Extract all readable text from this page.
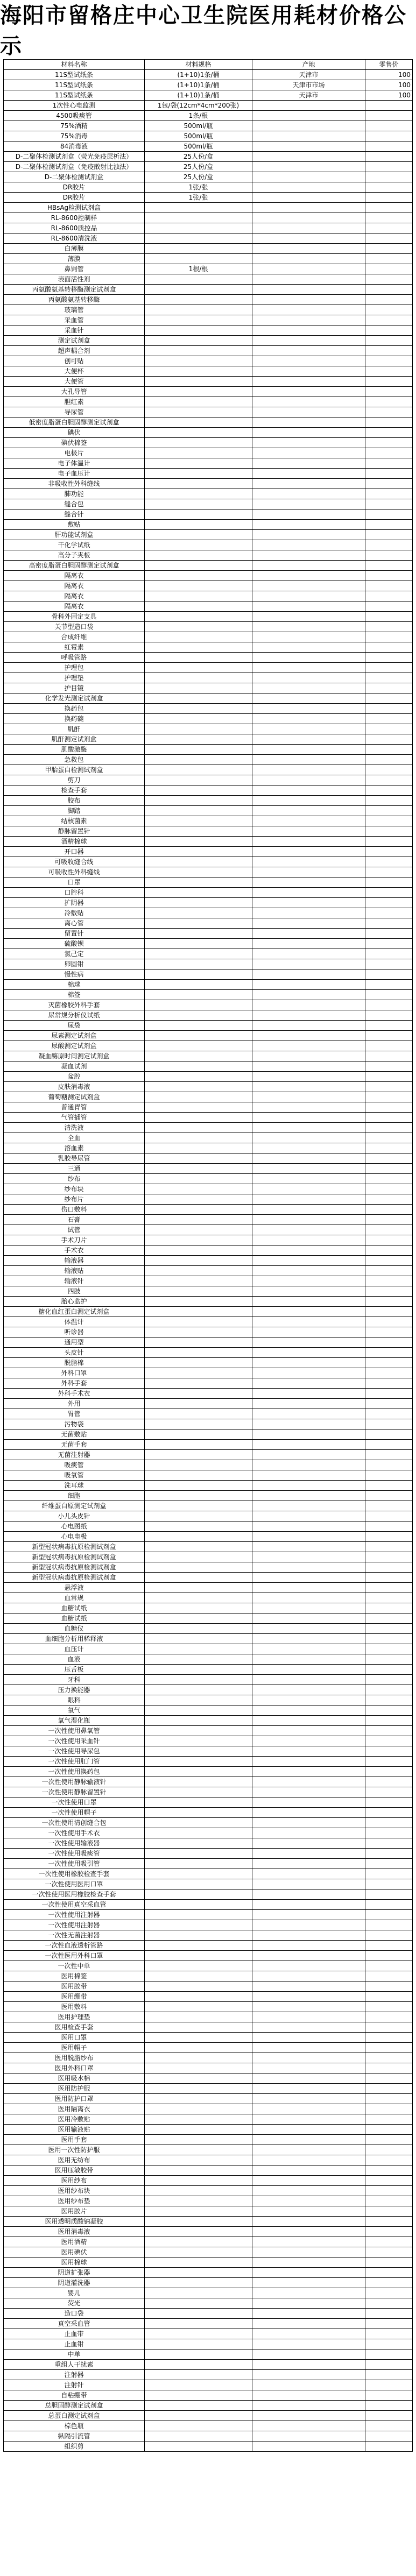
海阳市留格庄中心卫生院医用耗材价格公示
材料名称	材料规格	产地	零售价
11S型试纸条	(1+10)1条/桶	天津市	100
11S型试纸条	(1+10)1条/桶	天津市市场	100
11S型试纸条	(1+10)1条/桶	天津市	100
1次性心电监测	1包/袋(12cm*4cm*200张)		
4500吸痰管	1条/根		
75%酒精	500ml/瓶		
75%消毒	500ml/瓶		
84消毒液	500ml/瓶		
D-二聚体检测试剂盒（荧光免疫层析法）	25人份/盒		
D-二聚体检测试剂盒（免疫散射比浊法）	25人份/盒		
D-二聚体检测试剂盒	25人份/盒		
DR胶片	1张/张		
DR胶片	1张/张		
HBsAg检测试剂盒			
RL-8600控制样			
RL-8600质控品			
RL-8600清洗液			
白薄膜			
薄膜			
鼻饲管	1根/根		
表面活性剂			
丙氨酸氨基转移酶测定试剂盒			
丙氨酸氨基转移酶			
玻璃管			
采血管			
采血针			
测定试剂盒			
超声耦合剂			
创可贴			
大便杯			
大便管			
大孔导管			
胆红素			
导尿管			
低密度脂蛋白胆固醇测定试剂盒			
碘伏			
碘伏棉签			
电极片			
电子体温计			
电子血压计			
非吸收性外科缝线			
肺功能			
缝合包			
缝合针			
敷贴			
肝功能试剂盒			
干化学试纸			
高分子夹板			
高密度脂蛋白胆固醇测定试剂盒			
隔离衣			
隔离衣			
隔离衣			
隔离衣			
骨科外固定支具			
关节型造口袋			
合成纤维			
红霉素			
呼吸管路			
护理包			
护理垫			
护目镜			
化学发光测定试剂盒			
换药包			
换药碗			
肌酐			
肌酐测定试剂盒			
肌酸激酶			
急救包			
甲胎蛋白检测试剂盒			
剪刀			
检查手套			
胶布			
脚踏			
结核菌素			
静脉留置针			
酒精棉球			
开口器			
可吸收缝合线			
可吸收性外科缝线			
口罩			
口腔科			
扩阴器			
冷敷贴			
离心管			
留置针			
硫酸钡			
氯己定			
卵圆钳			
慢性病			
棉球			
棉签			
灭菌橡胶外科手套			
尿常规分析仪试纸			
尿袋			
尿素测定试剂盒			
尿酸测定试剂盒			
凝血酶原时间测定试剂盒			
凝血试剂			
盆腔			
皮肤消毒液			
葡萄糖测定试剂盒			
普通胃管			
气管插管			
清洗液			
全血			
溶血素			
乳胶导尿管			
三通			
纱布			
纱布块			
纱布片			
伤口敷料			
石膏			
试管			
手术刀片			
手术衣			
输液器			
输液贴			
输液针			
四肢			
胎心监护			
糖化血红蛋白测定试剂盒			
体温计			
听诊器			
通用型			
头皮针			
脱脂棉			
外科口罩			
外科手套			
外科手术衣			
外用			
胃管			
污物袋			
无菌敷贴			
无菌手套			
无菌注射器			
吸痰管			
吸氧管			
洗耳球			
细胞			
纤维蛋白原测定试剂盒			
小儿头皮针			
心电图纸			
心电电极			
新型冠状病毒抗原检测试剂盒			
新型冠状病毒抗原检测试剂盒			
新型冠状病毒抗原检测试剂盒			
新型冠状病毒抗原检测试剂盒			
悬浮液			
血常规			
血糖试纸			
血糖试纸			
血糖仪			
血细胞分析用稀释液			
血压计			
血液			
压舌板			
牙科			
压力换能器			
眼科			
氧气			
氧气湿化瓶			
一次性使用鼻氧管			
一次性使用采血针			
一次性使用导尿包			
一次性使用肛门管			
一次性使用换药包			
一次性使用静脉输液针			
一次性使用静脉留置针			
一次性使用口罩			
一次性使用帽子			
一次性使用清创缝合包			
一次性使用手术衣			
一次性使用输液器			
一次性使用吸痰管			
一次性使用吸引管			
一次性使用橡胶检查手套			
一次性使用医用口罩			
一次性使用医用橡胶检查手套			
一次性使用真空采血管			
一次性使用注射器			
一次性使用注射器			
一次性无菌注射器			
一次性血液透析管路			
一次性医用外科口罩			
一次性中单			
医用棉签			
医用胶带			
医用绷带			
医用敷料			
医用护理垫			
医用检查手套			
医用口罩			
医用帽子			
医用脱脂纱布			
医用外科口罩			
医用吸水棉			
医用防护服			
医用防护口罩			
医用隔离衣			
医用冷敷贴			
医用输液贴			
医用手套			
医用一次性防护服			
医用无纺布			
医用压敏胶带			
医用纱布			
医用纱布块			
医用纱布垫			
医用胶片			
医用透明质酸钠凝胶			
医用消毒液			
医用酒精			
医用碘伏			
医用棉球			
阴道扩张器			
阴道灌洗器			
婴儿			
荧光			
造口袋			
真空采血管			
止血带			
止血钳			
中单			
重组人干扰素			
注射器			
注射针			
自粘绷带			
总胆固醇测定试剂盒			
总蛋白测定试剂盒			
棕色瓶			
纵隔引流管			
组织剪			
